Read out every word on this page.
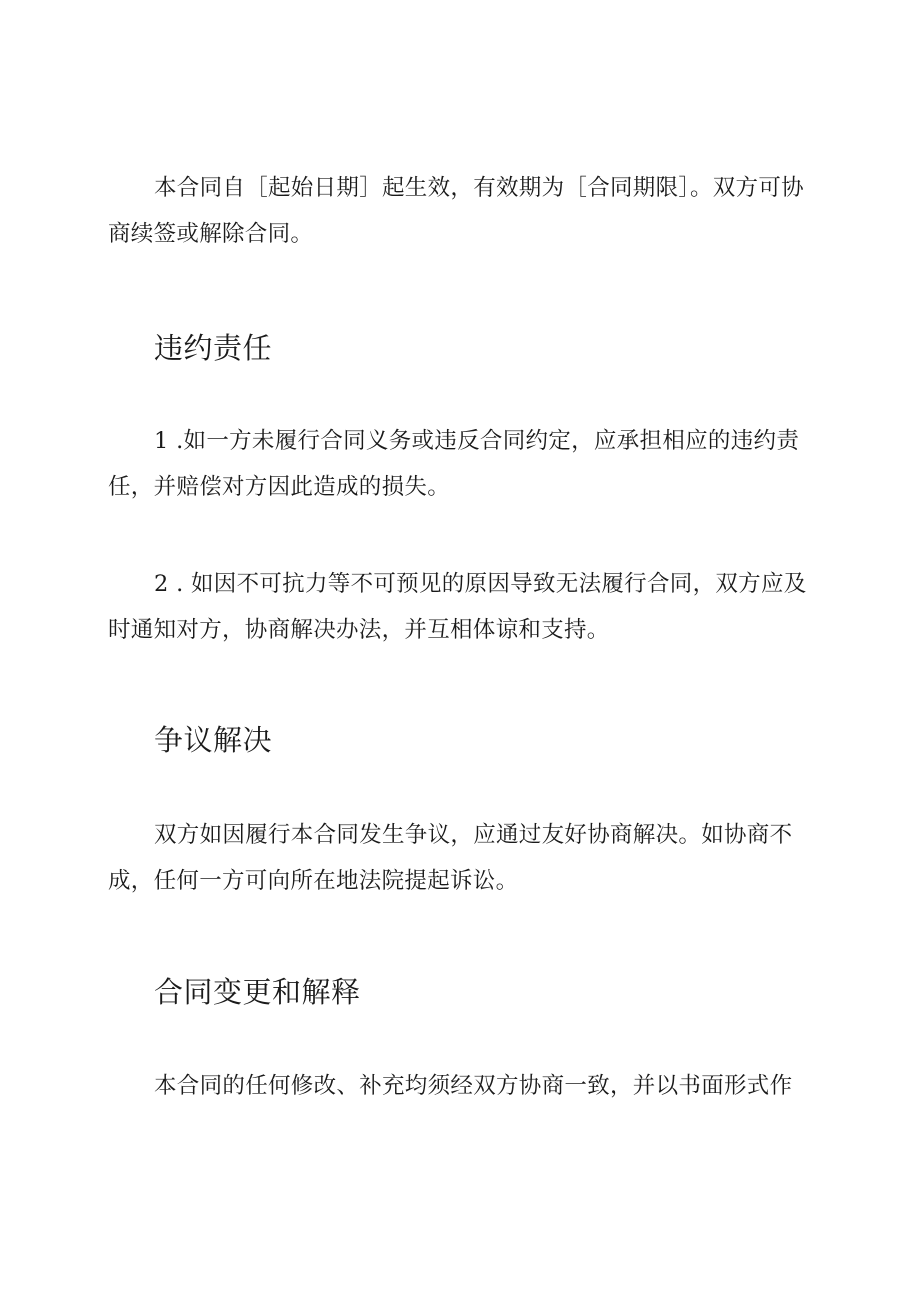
本合同自［起始日期］起生效，有效期为［合同期限］。双方可协商续签或解除合同。

违约责任

1 .如一方未履行合同义务或违反合同约定，应承担相应的违约责任，并赔偿对方因此造成的损失。

2 . 如因不可抗力等不可预见的原因导致无法履行合同，双方应及时通知对方，协商解决办法，并互相体谅和支持。

争议解决

双方如因履行本合同发生争议，应通过友好协商解决。如协商不成，任何一方可向所在地法院提起诉讼。

合同变更和解释

本合同的任何修改、补充均须经双方协商一致，并以书面形式作
